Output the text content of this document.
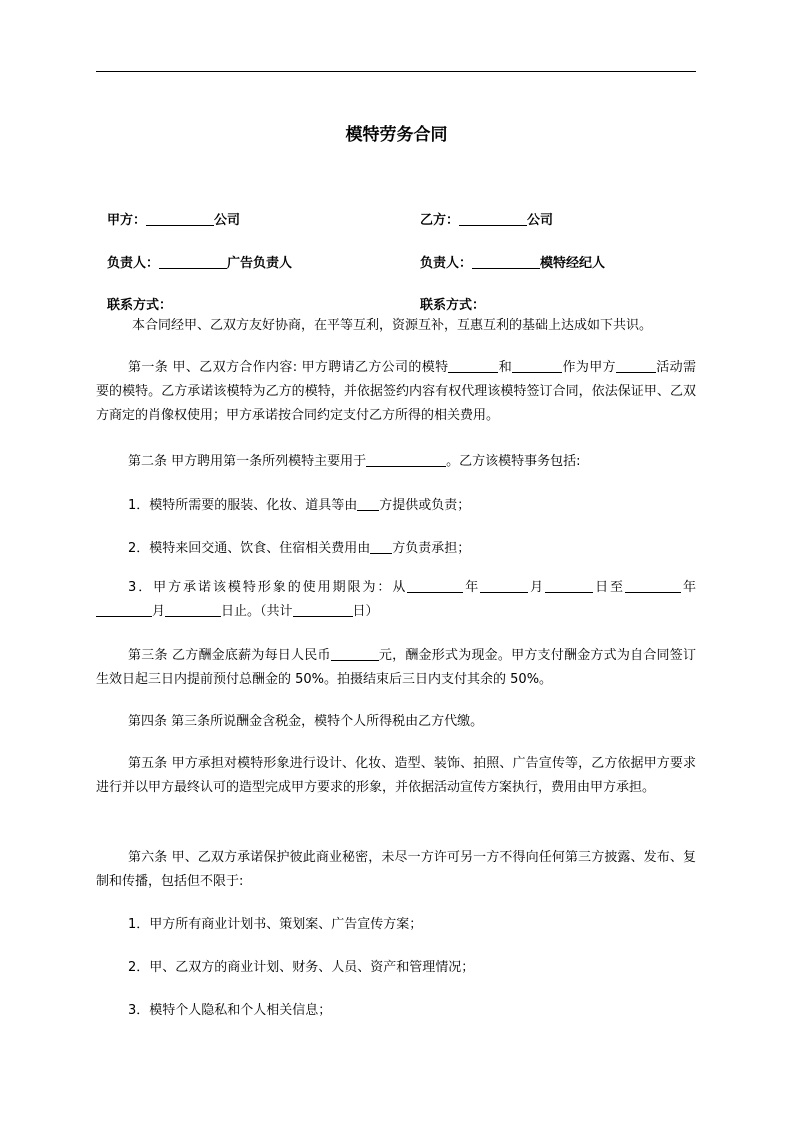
模特劳务合同
甲方：	公司	乙方：	公司
负责人：	广告负责人	负责人：	模特经纪人
联系方式：	联系方式：

本合同经甲、乙双方友好协商，在平等互利，资源互补，互惠互利的基础上达成如下共识。

第一条 甲、乙双方合作内容: 甲方聘请乙方公司的模特	和	作为甲方	活动需要的模特。乙方承诺该模特为乙方的模特，并依据签约内容有权代理该模特签订合同，依法保证甲、乙双方商定的肖像权使用；甲方承诺按合同约定支付乙方所得的相关费用。

第二条 甲方聘用第一条所列模特主要用于	。乙方该模特事务包括:

1．模特所需要的服装、化妆、道具等由 方提供或负责；
2．模特来回交通、饮食、住宿相关费用由 方负责承担；

3．甲方承诺该模特形象的使用期限为：从	年	月	日至	年月	日止。（共计	日）

第三条 乙方酬金底薪为每日人民币	元，酬金形式为现金。甲方支付酬金方式为自合同签订生效日起三日内提前预付总酬金的 50%。拍摄结束后三日内支付其余的 50%。

第四条 第三条所说酬金含税金，模特个人所得税由乙方代缴。

第五条 甲方承担对模特形象进行设计、化妆、造型、装饰、拍照、广告宣传等，乙方依据甲方要求进行并以甲方最终认可的造型完成甲方要求的形象，并依据活动宣传方案执行，费用由甲方承担。

第六条 甲、乙双方承诺保护彼此商业秘密，未尽一方许可另一方不得向任何第三方披露、发布、复制和传播，包括但不限于:

1．甲方所有商业计划书、策划案、广告宣传方案；
2．甲、乙双方的商业计划、财务、人员、资产和管理情况；
3．模特个人隐私和个人相关信息；
